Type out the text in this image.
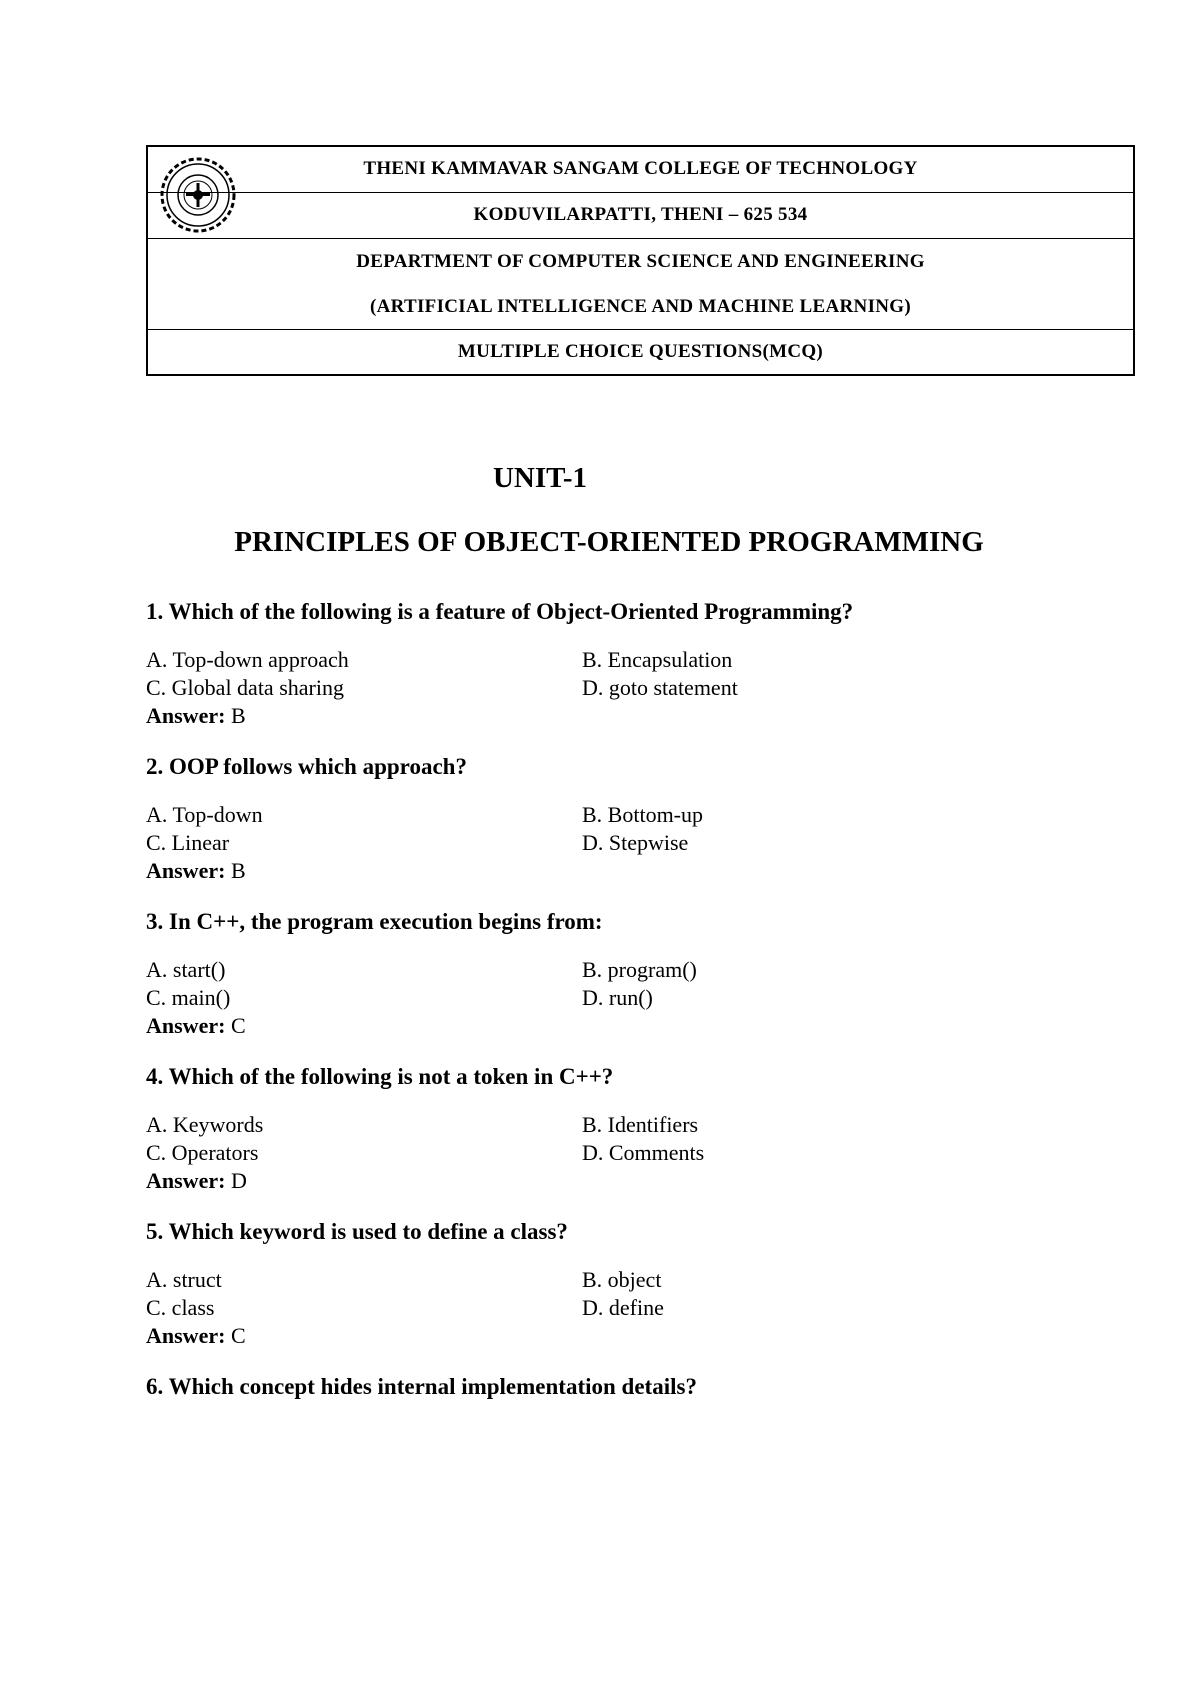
	THENI KAMMAVAR SANGAM COLLEGE OF TECHNOLOGY
KODUVILARPATTI, THENI – 625 534

DEPARTMENT OF COMPUTER SCIENCE AND ENGINEERING
(ARTIFICIAL INTELLIGENCE AND MACHINE LEARNING)

MULTIPLE CHOICE QUESTIONS(MCQ)
UNIT-1
PRINCIPLES OF OBJECT-ORIENTED PROGRAMMING

1. Which of the following is a feature of Object-Oriented Programming?

A. Top-down approach	B. Encapsulation
C. Global data sharing	D. goto statement
Answer: B

2. OOP follows which approach?

A. Top-down	B. Bottom-up
C. Linear	D. Stepwise
Answer: B

3. In C++, the program execution begins from:

A. start()	B. program()
C. main()	D. run()
Answer: C

4. Which of the following is not a token in C++?

A. Keywords	B. Identifiers
C. Operators	D. Comments
Answer: D

5. Which keyword is used to define a class?

A. struct	B. object
C. class	D. define
Answer: C

6. Which concept hides internal implementation details?
